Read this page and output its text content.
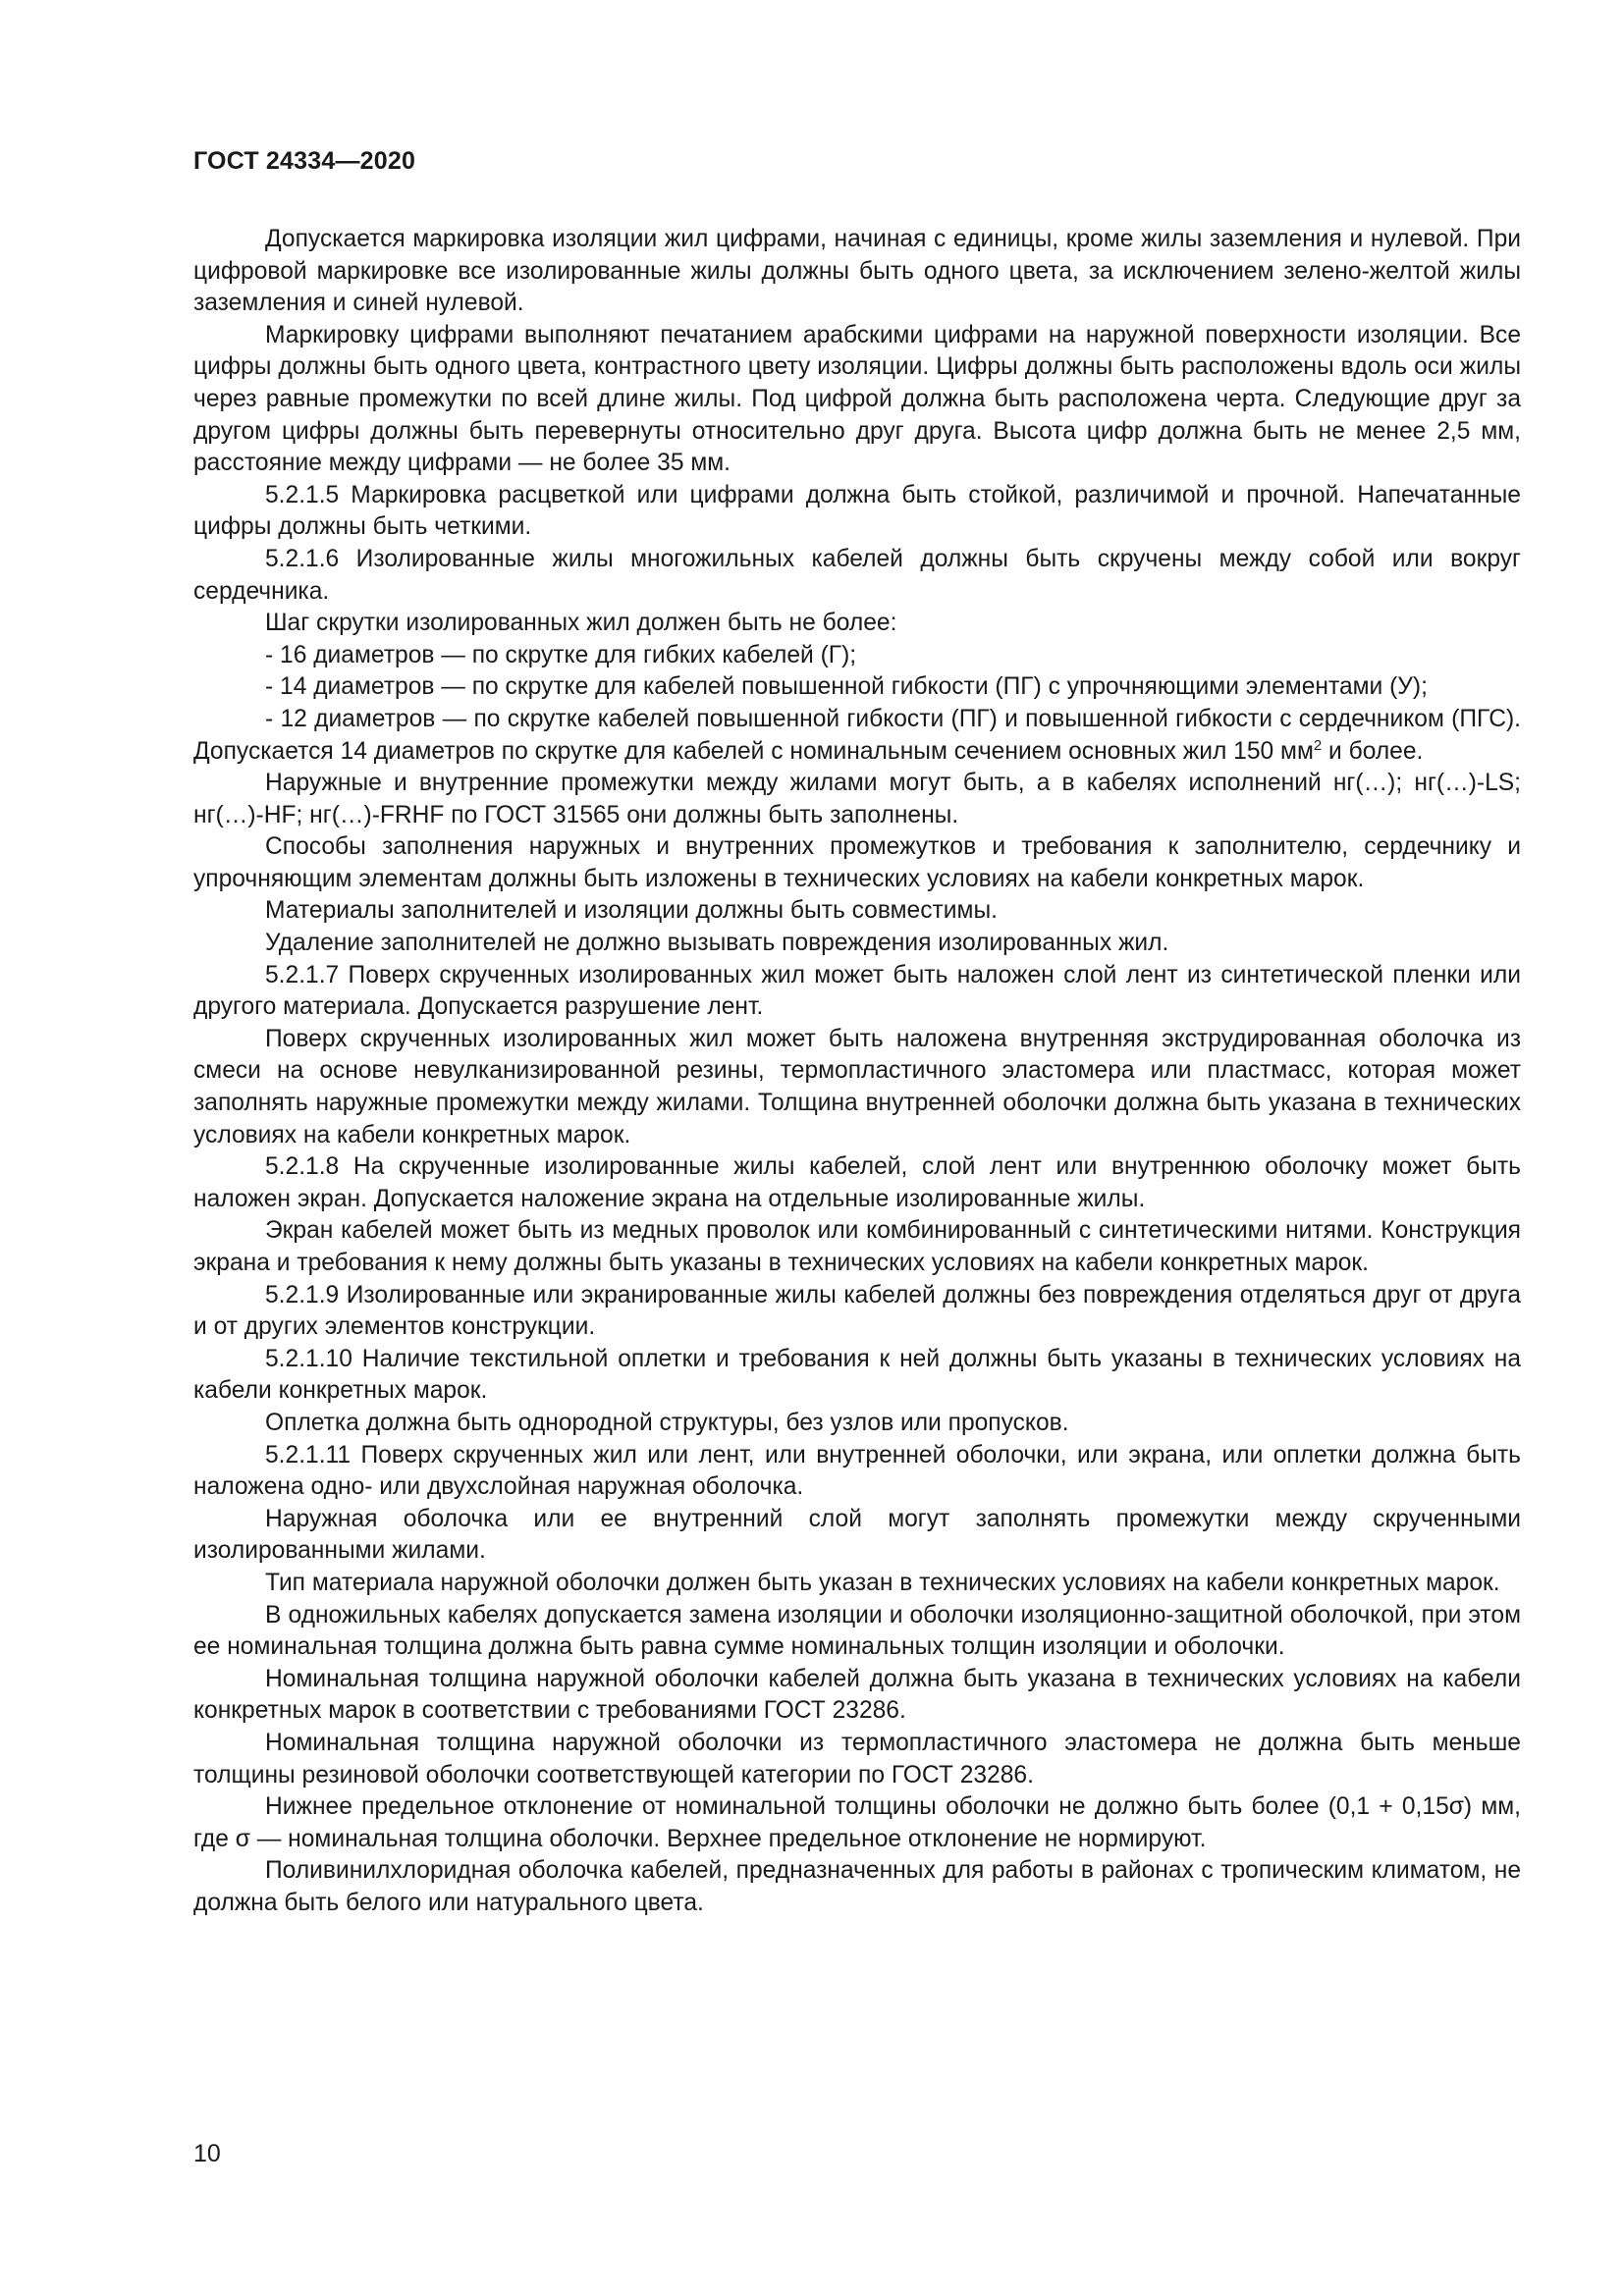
ГОСТ 24334—2020

Допускается маркировка изоляции жил цифрами, начиная с единицы, кроме жилы заземления и нулевой. При цифровой маркировке все изолированные жилы должны быть одного цвета, за исключением зелено-желтой жилы заземления и синей нулевой.

Маркировку цифрами выполняют печатанием арабскими цифрами на наружной поверхности изоляции. Все цифры должны быть одного цвета, контрастного цвету изоляции. Цифры должны быть расположены вдоль оси жилы через равные промежутки по всей длине жилы. Под цифрой должна быть расположена черта. Следующие друг за другом цифры должны быть перевернуты относительно друг друга. Высота цифр должна быть не менее 2,5 мм, расстояние между цифрами — не более 35 мм.

5.2.1.5 Маркировка расцветкой или цифрами должна быть стойкой, различимой и прочной. Напечатанные цифры должны быть четкими.

5.2.1.6 Изолированные жилы многожильных кабелей должны быть скручены между собой или вокруг сердечника.

Шаг скрутки изолированных жил должен быть не более:

- 16 диаметров — по скрутке для гибких кабелей (Г);

- 14 диаметров — по скрутке для кабелей повышенной гибкости (ПГ) с упрочняющими элементами (У);

- 12 диаметров — по скрутке кабелей повышенной гибкости (ПГ) и повышенной гибкости с сердечником (ПГС). Допускается 14 диаметров по скрутке для кабелей с номинальным сечением основных жил 150 $мм^2$ и более.

Наружные и внутренние промежутки между жилами могут быть, а в кабелях исполнений нг(…); нг(…)-LS; нг(…)-HF; нг(…)-FRHF по ГОСТ 31565 они должны быть заполнены.

Способы заполнения наружных и внутренних промежутков и требования к заполнителю, сердечнику и упрочняющим элементам должны быть изложены в технических условиях на кабели конкретных марок.

Материалы заполнителей и изоляции должны быть совместимы.

Удаление заполнителей не должно вызывать повреждения изолированных жил.

5.2.1.7 Поверх скрученных изолированных жил может быть наложен слой лент из синтетической пленки или другого материала. Допускается разрушение лент.

Поверх скрученных изолированных жил может быть наложена внутренняя экструдированная оболочка из смеси на основе невулканизированной резины, термопластичного эластомера или пластмасс, которая может заполнять наружные промежутки между жилами. Толщина внутренней оболочки должна быть указана в технических условиях на кабели конкретных марок.

5.2.1.8 На скрученные изолированные жилы кабелей, слой лент или внутреннюю оболочку может быть наложен экран. Допускается наложение экрана на отдельные изолированные жилы.

Экран кабелей может быть из медных проволок или комбинированный с синтетическими нитями. Конструкция экрана и требования к нему должны быть указаны в технических условиях на кабели конкретных марок.

5.2.1.9 Изолированные или экранированные жилы кабелей должны без повреждения отделяться друг от друга и от других элементов конструкции.

5.2.1.10 Наличие текстильной оплетки и требования к ней должны быть указаны в технических условиях на кабели конкретных марок.

Оплетка должна быть однородной структуры, без узлов или пропусков.

5.2.1.11 Поверх скрученных жил или лент, или внутренней оболочки, или экрана, или оплетки должна быть наложена одно- или двухслойная наружная оболочка.

Наружная оболочка или ее внутренний слой могут заполнять промежутки между скрученными изолированными жилами.

Тип материала наружной оболочки должен быть указан в технических условиях на кабели конкретных марок.

В одножильных кабелях допускается замена изоляции и оболочки изоляционно-защитной оболочкой, при этом ее номинальная толщина должна быть равна сумме номинальных толщин изоляции и оболочки.

Номинальная толщина наружной оболочки кабелей должна быть указана в технических условиях на кабели конкретных марок в соответствии с требованиями ГОСТ 23286.

Номинальная толщина наружной оболочки из термопластичного эластомера не должна быть меньше толщины резиновой оболочки соответствующей категории по ГОСТ 23286.

Нижнее предельное отклонение от номинальной толщины оболочки не должно быть более (0,1 + 0,15σ) мм, где σ — номинальная толщина оболочки. Верхнее предельное отклонение не нормируют.

Поливинилхлоридная оболочка кабелей, предназначенных для работы в районах с тропическим климатом, не должна быть белого или натурального цвета.

10
